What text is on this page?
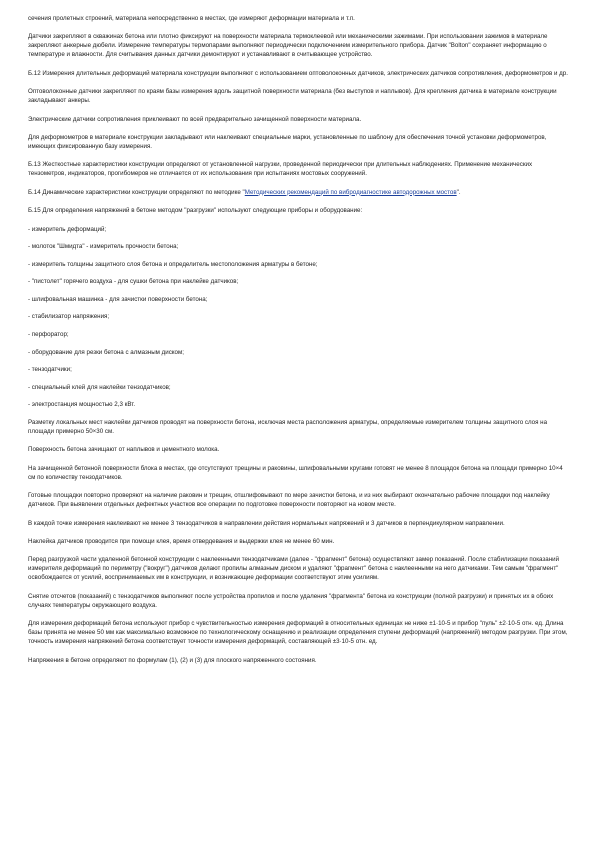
сечения пролетных строений, материала непосредственно в местах, где измеряют деформации материала и т.п.

Датчики закрепляют в скважинах бетона или плотно фиксируют на поверхности материала термоклеевой или механическими зажимами. При использовании зажимов в материале закрепляют анкерные дюбели. Измерение температуры термопарами выполняют периодически подключением измерительного прибора. Датчик "Bolton" сохраняет информацию о температуре и влажности. Для считывания данных датчики демонтируют и устанавливают в считывающее устройство.

Б.12 Измерения длительных деформаций материала конструкции выполняют с использованием оптоволоконных датчиков, электрических датчиков сопротивления, деформометров и др.

Оптоволоконные датчики закрепляют по краям базы измерения вдоль защитной поверхности материала (без выступов и наплывов). Для крепления датчика в материале конструкции закладывают анкеры.

Электрические датчики сопротивления приклеивают по всей предварительно зачищенной поверхности материала.

Для деформометров в материале конструкции закладывают или наклеивают специальные марки, установленные по шаблону для обеспечения точной установки деформометров, имеющих фиксированную базу измерения.

Б.13 Жесткостные характеристики конструкции определяют от установленной нагрузки, проведенной периодически при длительных наблюдениях. Применение механических тензометров, индикаторов, прогибомеров не отличается от их использования при испытаниях мостовых сооружений.

Б.14 Динамические характеристики конструкции определяют по методике "Методических рекомендаций по вибродиагностике автодорожных мостов".

Б.15 Для определения напряжений в бетоне методом "разгрузки" используют следующие приборы и оборудование:

- измеритель деформаций;

- молоток "Шмидта" - измеритель прочности бетона;

- измеритель толщины защитного слоя бетона и определитель местоположения арматуры в бетоне;

- "пистолет" горячего воздуха - для сушки бетона при наклейке датчиков;

- шлифовальная машинка - для зачистки поверхности бетона;

- стабилизатор напряжения;

- перфоратор;

- оборудование для резки бетона с алмазным диском;

- тензодатчики;

- специальный клей для наклейки тензодатчиков;

- электростанция мощностью 2,3 кВт.

Разметку локальных мест наклейки датчиков проводят на поверхности бетона, исключая места расположения арматуры, определяемые измерителем толщины защитного слоя на площади примерно 50×30 см.

Поверхность бетона зачищают от наплывов и цементного молока.

На зачищенной бетонной поверхности блока в местах, где отсутствуют трещины и раковины, шлифовальными кругами готовят не менее 8 площадок бетона на площади примерно 10×4 см по количеству тензодатчиков.

Готовые площадки повторно проверяют на наличие раковин и трещин, отшлифовывают по мере зачистки бетона, и из них выбирают окончательно рабочие площадки под наклейку датчиков. При выявлении отдельных дефектных участков все операции по подготовке поверхности повторяют на новом месте.

В каждой точке измерения наклеивают не менее 3 тензодатчиков в направлении действия нормальных напряжений и 3 датчиков в перпендикулярном направлении.

Наклейка датчиков проводится при помощи клея, время отвердевания и выдержки клея не менее 60 мин.

Перед разгрузкой части удаленной бетонной конструкции с наклеенными тензодатчиками (далее - "фрагмент" бетона) осуществляют замер показаний. После стабилизации показаний измерителя деформаций по периметру ("вокруг") датчиков делают пропилы алмазным диском и удаляют "фрагмент" бетона с наклеенными на него датчиками. Тем самым "фрагмент" освобождается от усилий, воспринимаемых им в конструкции, и возникающие деформации соответствуют этим усилиям.

Снятие отсчетов (показаний) с тензодатчиков выполняют после устройства пропилов и после удаления "фрагмента" бетона из конструкции (полной разгрузки) и принятых их в обоих случаях температуры окружающего воздуха.

Для измерения деформаций бетона используют прибор с чувствительностью измерения деформаций в относительных единицах не ниже ±1·10-5 и прибор "пуль" ±2·10-5 отн. ед. Длина базы принята не менее 50 мм как максимально возможное по технологическому оснащению и реализации определения ступени деформаций (напряжений) методом разгрузки. При этом, точность измерения напряжений бетона соответствует точности измерения деформаций, составляющей ±3·10-5 отн. ед.

Напряжения в бетоне определяют по формулам (1), (2) и (3) для плоского напряженного состояния.
